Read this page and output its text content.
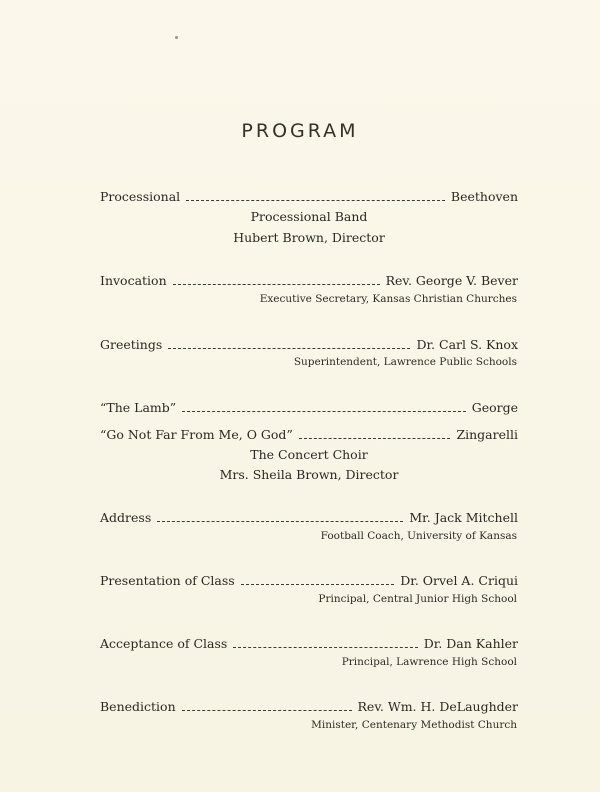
PROGRAM
Processional	Beethoven
Processional Band
Hubert Brown, Director
Invocation	Rev. George V. Bever
Executive Secretary, Kansas Christian Churches
Greetings	Dr. Carl S. Knox
Superintendent, Lawrence Public Schools
“The Lamb”	George
“Go Not Far From Me, O God”	Zingarelli
The Concert Choir
Mrs. Sheila Brown, Director
Address	Mr. Jack Mitchell
Football Coach, University of Kansas
Presentation of Class	Dr. Orvel A. Criqui
Principal, Central Junior High School
Acceptance of Class	Dr. Dan Kahler
Principal, Lawrence High School
Benediction	Rev. Wm. H. DeLaughder
Minister, Centenary Methodist Church
